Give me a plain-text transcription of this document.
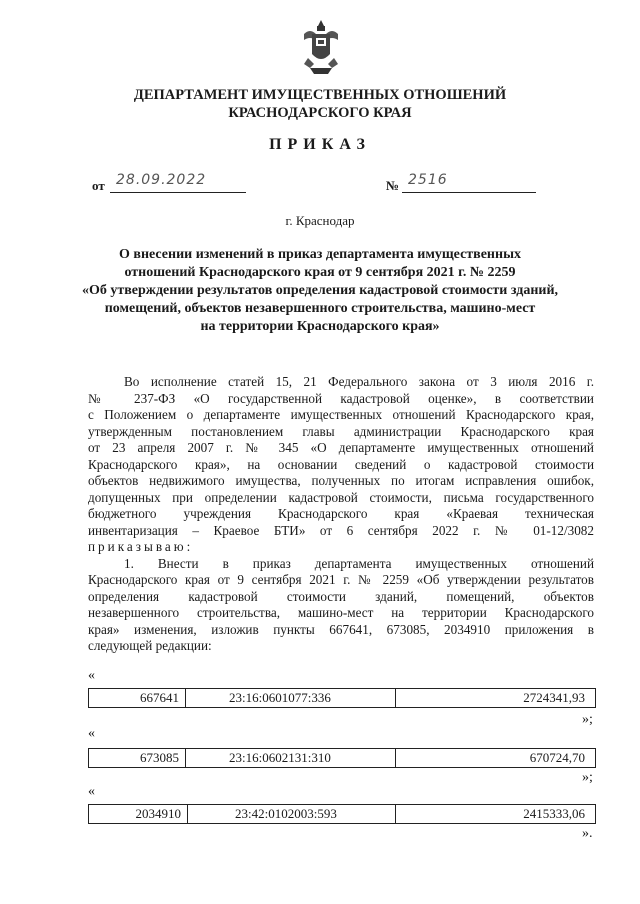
ДЕПАРТАМЕНТ ИМУЩЕСТВЕННЫХ ОТНОШЕНИЙ
КРАСНОДАРСКОГО КРАЯ
ПРИКАЗ
от 28.09.2022	№ 2516
г. Краснодар
О внесении изменений в приказ департамента имущественных
отношений Краснодарского края от 9 сентября 2021 г. № 2259
«Об утверждении результатов определения кадастровой стоимости зданий,
помещений, объектов незавершенного строительства, машино-мест
на территории Краснодарского края»
Во исполнение статей 15, 21 Федерального закона от 3 июля 2016 г.
№ 237-ФЗ «О государственной кадастровой оценке», в соответствии
с Положением о департаменте имущественных отношений Краснодарского края,
утвержденным постановлением главы администрации Краснодарского края
от 23 апреля 2007 г. № 345 «О департаменте имущественных отношений
Краснодарского края», на основании сведений о кадастровой стоимости
объектов недвижимого имущества, полученных по итогам исправления ошибок,
допущенных при определении кадастровой стоимости, письма государственного
бюджетного учреждения Краснодарского края «Краевая техническая
инвентаризация – Краевое БТИ» от 6 сентября 2022 г. № 01-12/3082
приказываю:
1. Внести в приказ департамента имущественных отношений
Краснодарского края от 9 сентября 2021 г. № 2259 «Об утверждении результатов
определения кадастровой стоимости зданий, помещений, объектов
незавершенного строительства, машино-мест на территории Краснодарского
края» изменения, изложив пункты 667641, 673085, 2034910 приложения в
следующей редакции:
«
667641	23:16:0601077:336	2724341,93
»;
«
673085	23:16:0602131:310	670724,70
»;
«
2034910	23:42:0102003:593	2415333,06
».
